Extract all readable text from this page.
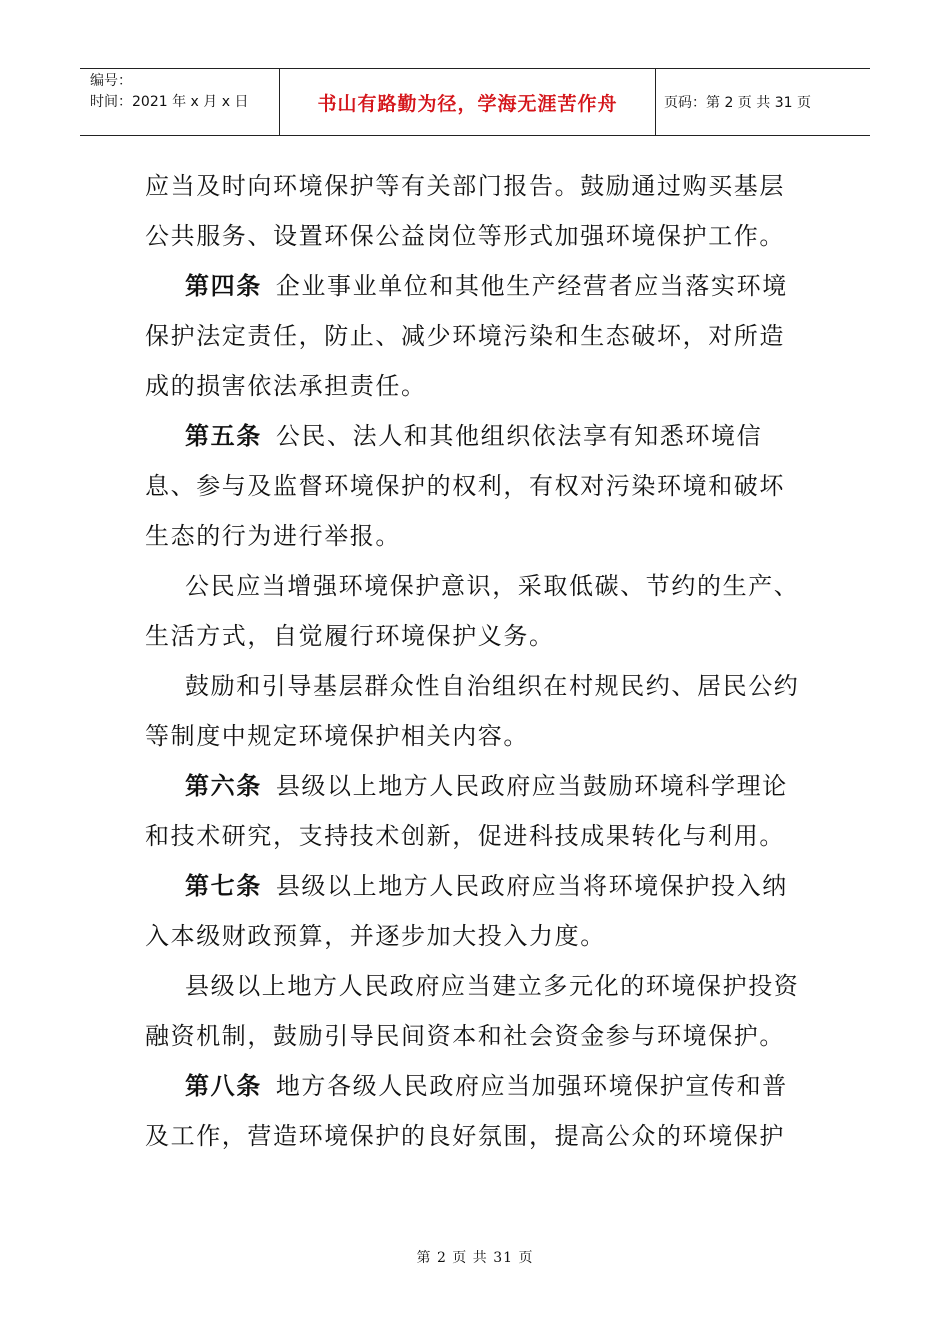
编号：
时间：2021 年 x 月 x 日	书山有路勤为径，学海无涯苦作舟	页码：第 2 页 共 31 页

应当及时向环境保护等有关部门报告。鼓励通过购买基层公共服务、设置环保公益岗位等形式加强环境保护工作。

第四条 企业事业单位和其他生产经营者应当落实环境保护法定责任，防止、减少环境污染和生态破坏，对所造成的损害依法承担责任。

第五条 公民、法人和其他组织依法享有知悉环境信息、参与及监督环境保护的权利，有权对污染环境和破坏生态的行为进行举报。

公民应当增强环境保护意识，采取低碳、节约的生产、生活方式，自觉履行环境保护义务。

鼓励和引导基层群众性自治组织在村规民约、居民公约等制度中规定环境保护相关内容。

第六条 县级以上地方人民政府应当鼓励环境科学理论和技术研究，支持技术创新，促进科技成果转化与利用。

第七条 县级以上地方人民政府应当将环境保护投入纳入本级财政预算，并逐步加大投入力度。

县级以上地方人民政府应当建立多元化的环境保护投资融资机制，鼓励引导民间资本和社会资金参与环境保护。

第八条 地方各级人民政府应当加强环境保护宣传和普及工作，营造环境保护的良好氛围，提高公众的环境保护

第 2 页 共 31 页
